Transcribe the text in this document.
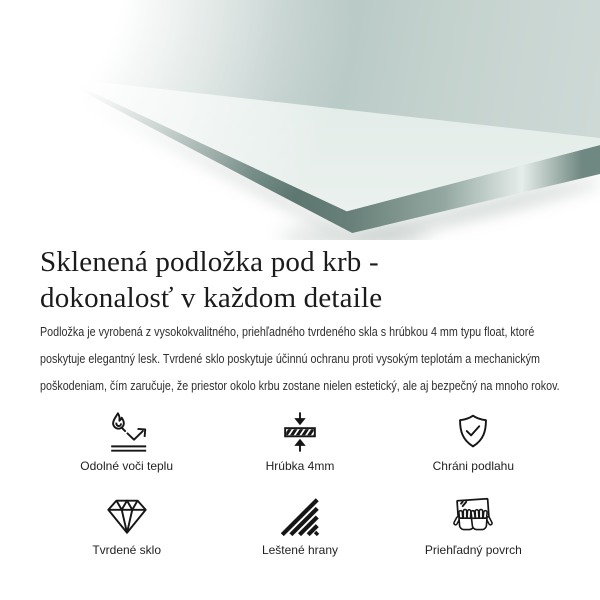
Sklenená podložka pod krb - dokonalosť v každom detaile
Podložka je vyrobená z vysokokvalitného, priehľadného tvrdeného skla s hrúbkou 4 mm typu float, ktoré
poskytuje elegantný lesk. Tvrdené sklo poskytuje účinnú ochranu proti vysokým teplotám a mechanickým
poškodeniam, čím zaručuje, že priestor okolo krbu zostane nielen estetický, ale aj bezpečný na mnoho rokov.
Odolné voči teplu	Hrúbka 4mm	Chráni podlahu
Tvrdené sklo	Leštené hrany	Priehľadný povrch
